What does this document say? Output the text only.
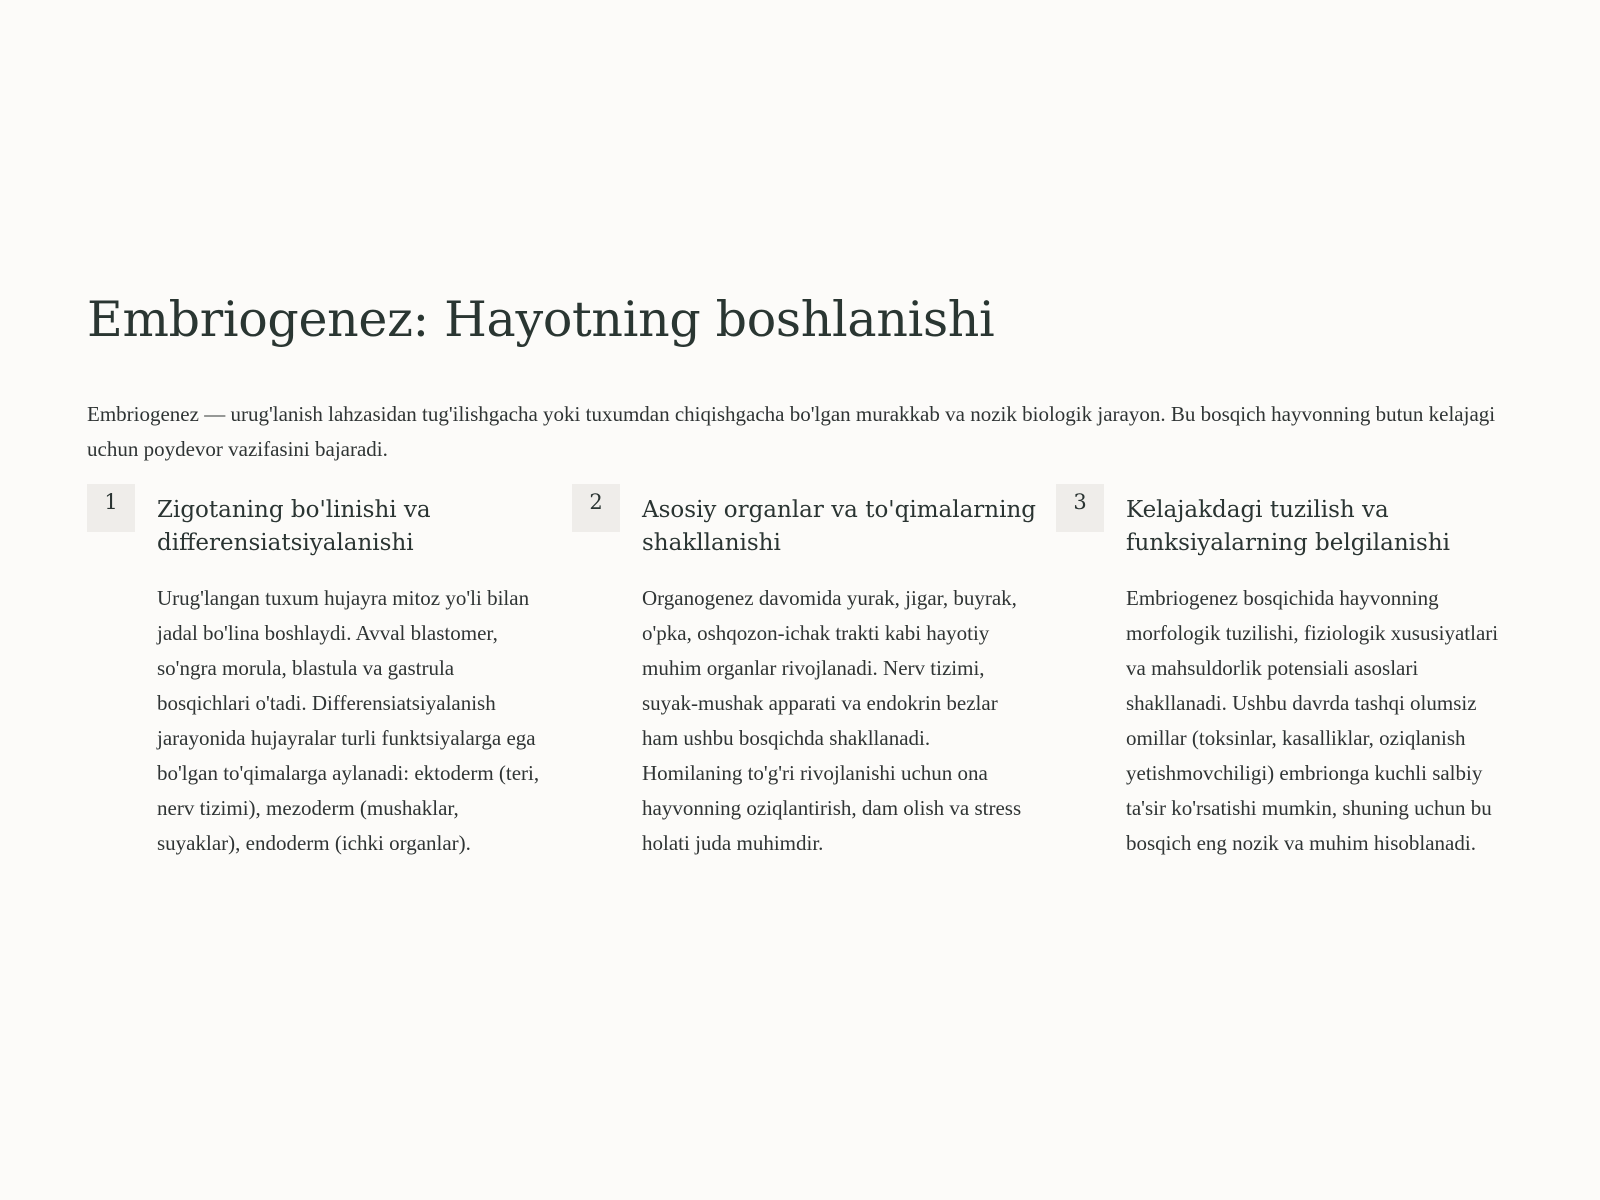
Embriogenez: Hayotning boshlanishi

Embriogenez — urug'lanish lahzasidan tug'ilishgacha yoki tuxumdan chiqishgacha bo'lgan murakkab va nozik biologik jarayon. Bu bosqich hayvonning butun kelajagi uchun poydevor vazifasini bajaradi.

1	Zigotaning bo'linishi va differensiatsiyalanishi

Urug'langan tuxum hujayra mitoz yo'li bilan jadal bo'lina boshlaydi. Avval blastomer, so'ngra morula, blastula va gastrula bosqichlari o'tadi. Differensiatsiyalanish jarayonida hujayralar turli funktsiyalarga ega bo'lgan to'qimalarga aylanadi: ektoderm (teri, nerv tizimi), mezoderm (mushaklar, suyaklar), endoderm (ichki organlar).

2	Asosiy organlar va to'qimalarning shakllanishi

Organogenez davomida yurak, jigar, buyrak, o'pka, oshqozon-ichak trakti kabi hayotiy muhim organlar rivojlanadi. Nerv tizimi, suyak-mushak apparati va endokrin bezlar ham ushbu bosqichda shakllanadi. Homilaning to'g'ri rivojlanishi uchun ona hayvonning oziqlantirish, dam olish va stress holati juda muhimdir.

3	Kelajakdagi tuzilish va funksiyalarning belgilanishi

Embriogenez bosqichida hayvonning morfologik tuzilishi, fiziologik xususiyatlari va mahsuldorlik potensiali asoslari shakllanadi. Ushbu davrda tashqi olumsiz omillar (toksinlar, kasalliklar, oziqlanish yetishmovchiligi) embrionga kuchli salbiy ta'sir ko'rsatishi mumkin, shuning uchun bu bosqich eng nozik va muhim hisoblanadi.
